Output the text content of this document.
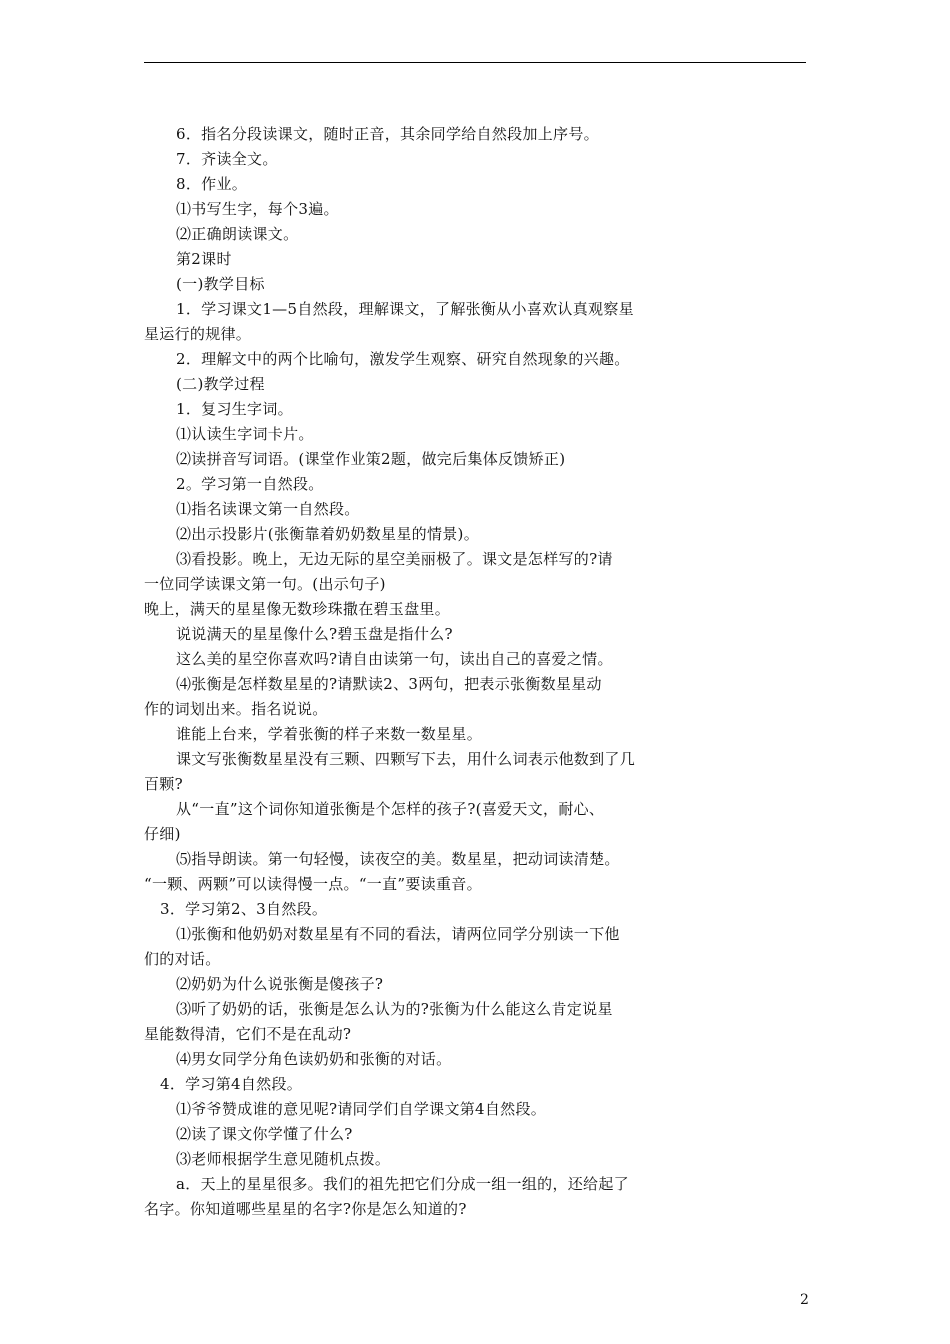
6．指名分段读课文，随时正音，其余同学给自然段加上序号。
7．齐读全文。
8．作业。
⑴书写生字，每个3遍。
⑵正确朗读课文。
第2课时
(一)教学目标
1．学习课文1—5自然段，理解课文，了解张衡从小喜欢认真观察星
星运行的规律。
2．理解文中的两个比喻句，激发学生观察、研究自然现象的兴趣。
(二)教学过程
1．复习生字词。
⑴认读生字词卡片。
⑵读拼音写词语。(课堂作业策2题，做完后集体反馈矫正)
2。学习第一自然段。
⑴指名读课文第一自然段。
⑵出示投影片(张衡靠着奶奶数星星的情景)。
⑶看投影。晚上，无边无际的星空美丽极了。课文是怎样写的?请
一位同学读课文第一句。(出示句子)
晚上，满天的星星像无数珍珠撒在碧玉盘里。
说说满天的星星像什么?碧玉盘是指什么?
这么美的星空你喜欢吗?请自由读第一句，读出自己的喜爱之情。
⑷张衡是怎样数星星的?请默读2、3两句，把表示张衡数星星动
作的词划出来。指名说说。
谁能上台来，学着张衡的样子来数一数星星。
课文写张衡数星星没有三颗、四颗写下去，用什么词表示他数到了几
百颗?
从“一直”这个词你知道张衡是个怎样的孩子?(喜爱天文，耐心、
仔细)
⑸指导朗读。第一句轻慢，读夜空的美。数星星，把动词读清楚。
“一颗、两颗”可以读得慢一点。“一直”要读重音。
3．学习第2、3自然段。
⑴张衡和他奶奶对数星星有不同的看法，请两位同学分别读一下他
们的对话。
⑵奶奶为什么说张衡是傻孩子?
⑶听了奶奶的话，张衡是怎么认为的?张衡为什么能这么肯定说星
星能数得清，它们不是在乱动?
⑷男女同学分角色读奶奶和张衡的对话。
4．学习第4自然段。
⑴爷爷赞成谁的意见呢?请同学们自学课文第4自然段。
⑵读了课文你学懂了什么?
⑶老师根据学生意见随机点拨。
a．天上的星星很多。我们的祖先把它们分成一组一组的，还给起了
名字。你知道哪些星星的名字?你是怎么知道的?
2
